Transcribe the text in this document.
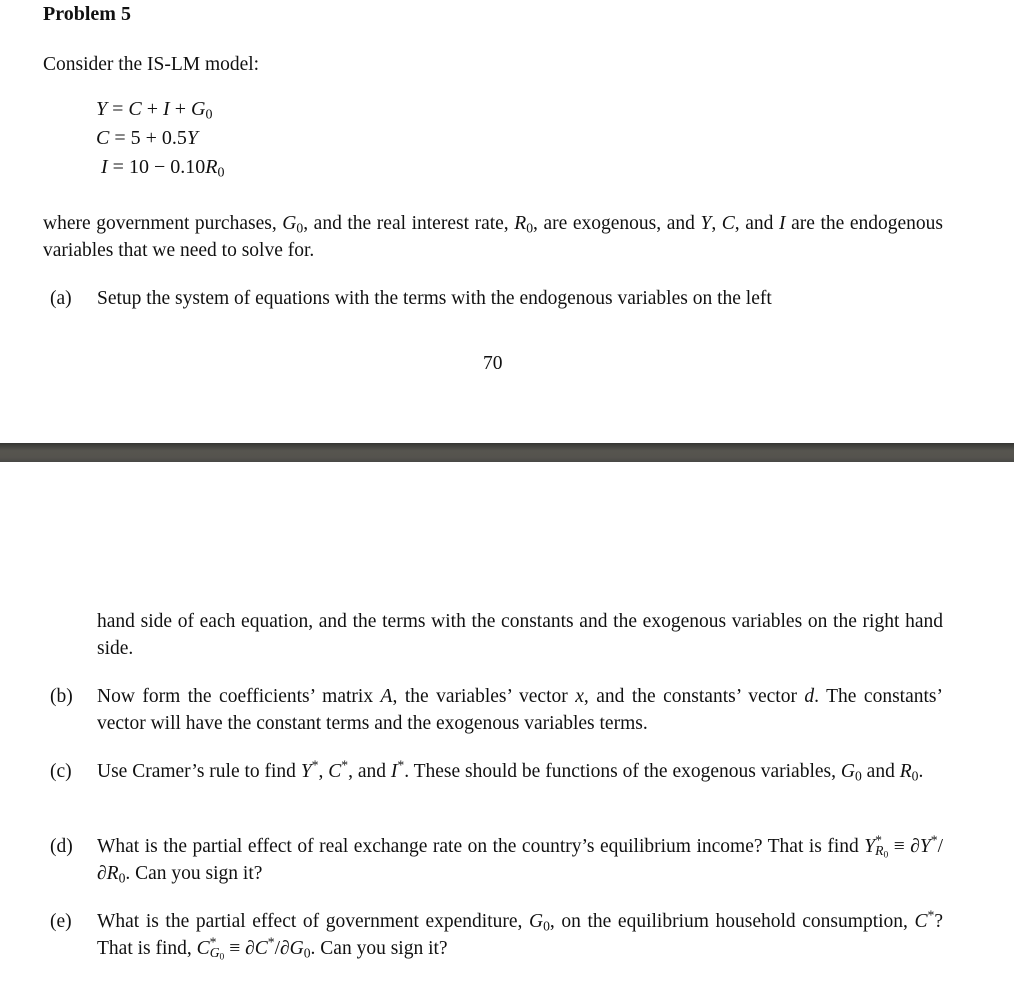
Problem 5
Consider the IS-LM model:
$Y = C + I + G_0$
C = 5 + 0.5Y
$I = 10 - 0.10R_0$
where government purchases, $G_0$, and the real interest rate, $R_0$, are exogenous, and Y, C, and I are the endogenous variables that we need to solve for.
(a)	Setup the system of equations with the terms with the endogenous variables on the left
70
hand side of each equation, and the terms with the constants and the exogenous variables on the right hand side.
(b)	Now form the coefficients’ matrix A, the variables’ vector x, and the constants’ vector d. The constants’ vector will have the constant terms and the exogenous variables terms.
(c)	Use Cramer’s rule to find Y*, C*, and I*. These should be functions of the exogenous variables, $G_0$ and $R_0$.
(d)	What is the partial effect of real exchange rate on the country’s equilibrium income? That is find $Y^*_{R_0} \equiv \partial Y^*/\partial R_0$. Can you sign it?
(e)	What is the partial effect of government expenditure, $G_0$, on the equilibrium household consumption, C*? That is find, $C^*_{G_0} \equiv \partial C^*/\partial G_0$. Can you sign it?
